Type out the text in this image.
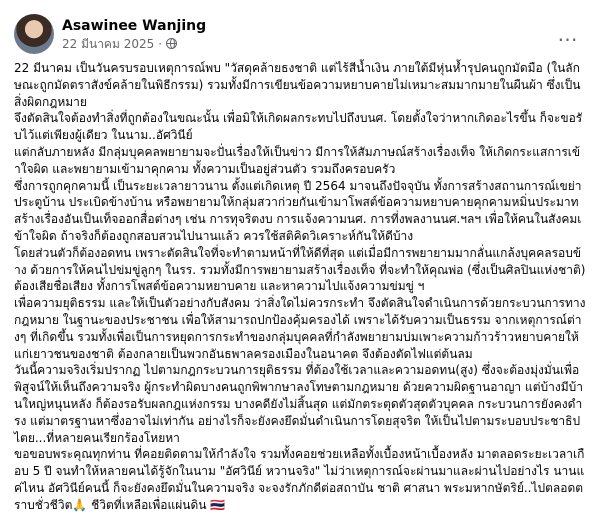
Asawinee Wanjing
22 มีนาคม 2025 ·	…

22 มีนาคม เป็นวันครบรอบเหตุการณ์พบ "วัสดุคล้ายธงชาติ แต่ไร้สีน้ำเงิน ภายใต้มีหุ่นห้ำรุปคนถูกมัดมือ (ในลักษณะถูกมัดตราสังข์คล้ายในพิธีกรรม) รวมทั้งมีการเขียนข้อความหยาบคายไม่เหมาะสมมากมายในผืนผ้า ซึ่งเป็นสิ่งผิดกฎหมาย

จึงตัดสินใจต้องทำสิ่งที่ถูกต้องในขณะนั้น เพื่อมิให้เกิดผลกระทบไปถึงบนศ. โดยตั้งใจว่าหากเกิดอะไรขึ้น ก็จะขอรับไว้แต่เพียงผู้เดียว ในนาม..อัศวินีย์

แต่กลับภายหลัง มีกลุ่มบุคคลพยายามจะปั่นเรื่องให้เป็นข่าว มีการให้สัมภาษณ์สร้างเรื่องเท็จ ให้เกิดกระแสการเข้าใจผิด และพยายามเข้ามาคุกคาม ทั้งความเป็นอยู่ส่วนตัว รวมถึงครอบครัว

ซึ่งการถูกคุกคามนี้ เป็นระยะเวลายาวนาน ตั้งแต่เกิดเหตุ ปี 2564 มาจนถึงปัจจุบัน ทั้งการสร้างสถานการณ์เขย่าประตูบ้าน ประเบิดข้างบ้าน หรือพยายามให้กลุ่มสวาก่วยกันเข้ามาโพสต์ข้อความหยาบคายคุกคามหมิ่นประมาท สร้างเรื่องอันเป็นเท็จออกสื่อต่างๆ เช่น การทุจริตงบ การแจ้งความนศ. การที่งพลงานนศ.ฯลฯ เพื่อให้คนในสังคมเข้าใจผิด ถ้าจริงก็ต้องถูกสอบสวนไปนานแล้ว ควรใช้สติคิดวิเคราะห์กันให้ดีบ้าง

โดยส่วนตัวก็ต้องอดทน เพราะตัดสินใจที่จะทำตามหน้าที่ให้ดีที่สุด แต่เมื่อมีการพยายามมากลั่นแกล้งบุคคลรอบข้าง ด้วยการให้คนไปข่มขู่ลูกๆ ในรร. รวมทั้งมีการพยายามสร้างเรื่องเท็จ ที่จะทำให้คุณพ่อ (ซึ่งเป็นศิลปินแห่งชาติ) ต้องเสียชื่อเสียง ทั้งการโพสต์ข้อความหยาบคาย และหาความไปแจ้งความข่มขู่ ฯ

เพื่อความยุติธรรม และให้เป็นตัวอย่างกับสังคม ว่าสิ่งใดไม่ควรกระทำ จึงตัดสินใจดำเนินการด้วยกระบวนการทางกฎหมาย ในฐานะของประชาชน เพื่อให้สามารถปกป้องคุ้มครองได้ เพราะได้รับความเป็นธรรม จากเหตุการณ์ต่างๆ ที่เกิดขึ้น รวมทั้งเพื่อเป็นการหยุดการกระทำของกลุ่มบุคคลที่กำลังพยายามบ่มเพาะความก้าวร้าวหยาบคายให้แก่เยาวชนของชาติ ต้องกลายเป็นพวกอันธพาลครองเมืองในอนาคต จึงต้องตัดไฟแต่ต้นลม

วันนี้ความจริงเริ่มปรากฏ ไปตามกฎกระบวนการยุติธรรม ที่ต้องใช้เวลาและความอดทน(สูง) ซึ่งจะต้องมุ่งมั่นเพื่อพิสูจน์ให้เห็นถึงความจริง ผู้กระทำผิดบางคนถูกพิพากษาลงโทษตามกฎหมาย ด้วยความผิดฐานอาญา แต่บ้างมีบ้านใหญ่หนุนหลัง ก็ต้องรอรับผลกฎแห่งกรรม บางคดียังไม่สิ้นสุด แต่มักตระตุดตัวสุดตัวบุคคล กระบวนการยังคงดำรง แต่มาตรฐานหาซึ่งอาจไม่เท่ากัน อย่างไรก็จะยังคงยึดมั่นดำเนินการโดยสุจริต ให้เป็นไปตามระบอบประชาธิปไตย...ที่หลายคนเรียกร้องโหยหา

ขอขอบพระคุณทุกท่าน ที่คอยติดตามให้กำลังใจ รวมทั้งคอยช่วยเหลือทั้งเบื้องหน้าเบื้องหลัง มาตลอดระยะเวลาเกือบ 5 ปี จนทำให้หลายคนได้รู้จักในนาม "อัศวินีย์ หวานจริง" ไม่ว่าเหตุการณ์จะผ่านมาและผ่านไปอย่างไร นานแค่ไหน อัศวินีย์คนนี้ ก็จะยังคงยึดมั่นในความจริง จะจงรักภักดีต่อสถาบัน ชาติ ศาสนา พระมหากษัตริย์..ไปตลอดตราบชั่วชีวิต🙏 ชีวิตที่เหลือเพื่อแผ่นดิน 🇹🇭
